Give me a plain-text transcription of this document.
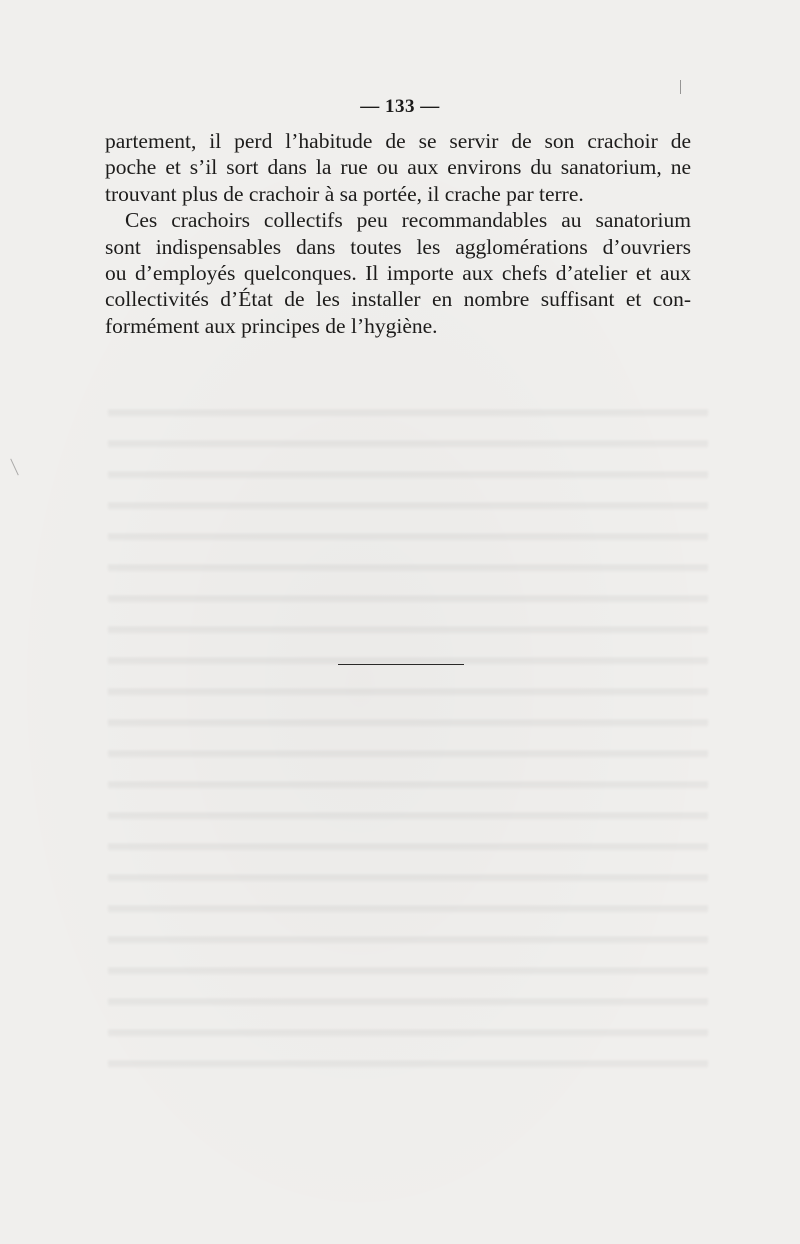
— 133 —

partement, il perd l’habitude de se servir de son crachoir de

poche et s’il sort dans la rue ou aux environs du sanatorium, ne

trouvant plus de crachoir à sa portée, il crache par terre.

Ces crachoirs collectifs peu recommandables au sanatorium

sont indispensables dans toutes les agglomérations d’ouvriers

ou d’employés quelconques. Il importe aux chefs d’atelier et aux

collectivités d’État de les installer en nombre suffisant et con-

formément aux principes de l’hygiène.
